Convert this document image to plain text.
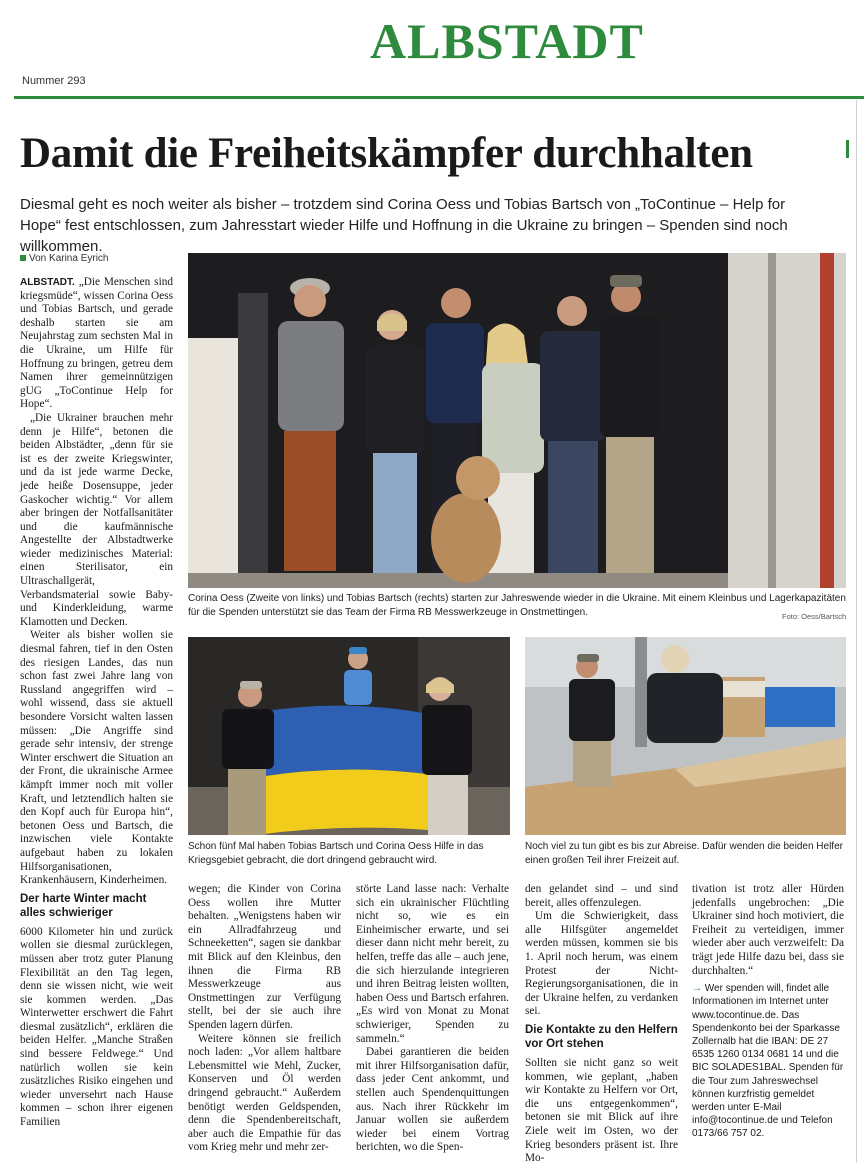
ALBSTADT
Nummer 293
Damit die Freiheitskämpfer durchhalten
Diesmal geht es noch weiter als bisher – trotzdem sind Corina Oess und Tobias Bartsch von „ToContinue – Help for Hope“ fest entschlossen, zum Jahresstart wieder Hilfe und Hoffnung in die Ukraine zu bringen – Spenden sind noch willkommen.
Von Karina Eyrich

ALBSTADT. „Die Menschen sind kriegsmüde“, wissen Corina Oess und Tobias Bartsch, und gerade deshalb starten sie am Neujahrstag zum sechsten Mal in die Ukraine, um Hilfe für Hoffnung zu bringen, getreu dem Namen ihrer gemeinnützigen gUG „ToContinue Help for Hope“.

„Die Ukrainer brauchen mehr denn je Hilfe“, betonen die beiden Albstädter, „denn für sie ist es der zweite Kriegswinter, und da ist jede warme Decke, jede heiße Dosensuppe, jeder Gaskocher wichtig.“ Vor allem aber bringen der Notfallsanitäter und die kaufmännische Angestellte der Albstadtwerke wieder medizinisches Material: einen Sterilisator, ein Ultraschallgerät, Verbandsmaterial sowie Baby- und Kinderkleidung, warme Klamotten und Decken.

Weiter als bisher wollen sie diesmal fahren, tief in den Osten des riesigen Landes, das nun schon fast zwei Jahre lang von Russland angegriffen wird – wohl wissend, dass sie aktuell besondere Vorsicht walten lassen müssen: „Die Angriffe sind gerade sehr intensiv, der strenge Winter erschwert die Situation an der Front, die ukrainische Armee kämpft immer noch mit voller Kraft, und letztendlich halten sie den Kopf auch für Europa hin“, betonen Oess und Bartsch, die inzwischen viele Kontakte aufgebaut haben zu lokalen Hilfsorganisationen, Krankenhäusern, Kinderheimen.

Der harte Winter macht alles schwieriger

6000 Kilometer hin und zurück wollen sie diesmal zurücklegen, müssen aber trotz guter Planung Flexibilität an den Tag legen, denn sie wissen nicht, wie weit sie kommen werden. „Das Winterwetter erschwert die Fahrt diesmal zusätzlich“, erklären die beiden Helfer. „Manche Straßen sind bessere Feldwege.“ Und natürlich wollen sie kein zusätzliches Risiko eingehen und wieder unversehrt nach Hause kommen – schon ihrer eigenen Familien

Corina Oess (Zweite von links) und Tobias Bartsch (rechts) starten zur Jahreswende wieder in die Ukraine. Mit einem Kleinbus und Lagerkapazitäten für die Spenden unterstützt sie das Team der Firma RB Messwerkzeuge in Onstmettingen.	Foto: Oess/Bartsch
Schon fünf Mal haben Tobias Bartsch und Corina Oess Hilfe in das Kriegsgebiet gebracht, die dort dringend gebraucht wird.
Noch viel zu tun gibt es bis zur Abreise. Dafür wenden die beiden Helfer einen großen Teil ihrer Freizeit auf.

wegen; die Kinder von Corina Oess wollen ihre Mutter behalten. „Wenigstens haben wir ein Allradfahrzeug und Schneeketten“, sagen sie dankbar mit Blick auf den Kleinbus, den ihnen die Firma RB Messwerkzeuge aus Onstmettingen zur Verfügung stellt, bei der sie auch ihre Spenden lagern dürfen.

Weitere können sie freilich noch laden: „Vor allem haltbare Lebensmittel wie Mehl, Zucker, Konserven und Öl werden dringend gebraucht.“ Außerdem benötigt werden Geldspenden, denn die Spendenbereitschaft, aber auch die Empathie für das vom Krieg mehr und mehr zer-

störte Land lasse nach: Verhalte sich ein ukrainischer Flüchtling nicht so, wie es ein Einheimischer erwarte, und sei dieser dann nicht mehr bereit, zu helfen, treffe das alle – auch jene, die sich hierzulande integrieren und ihren Beitrag leisten wollten, haben Oess und Bartsch erfahren. „Es wird von Monat zu Monat schwieriger, Spenden zu sammeln.“

Dabei garantieren die beiden mit ihrer Hilfsorganisation dafür, dass jeder Cent ankommt, und stellen auch Spendenquittungen aus. Nach ihrer Rückkehr im Januar wollen sie außerdem wieder bei einem Vortrag berichten, wo die Spen-

den gelandet sind – und sind bereit, alles offenzulegen.

Um die Schwierigkeit, dass alle Hilfsgüter angemeldet werden müssen, kommen sie bis 1. April noch herum, was einem Protest der Nicht-Regierungsorganisationen, die in der Ukraine helfen, zu verdanken sei.

Die Kontakte zu den Helfern vor Ort stehen

Sollten sie nicht ganz so weit kommen, wie geplant, „haben wir Kontakte zu Helfern vor Ort, die uns entgegenkommen“, betonen sie mit Blick auf ihre Ziele weit im Osten, wo der Krieg besonders präsent ist. Ihre Mo-

tivation ist trotz aller Hürden jedenfalls ungebrochen: „Die Ukrainer sind hoch motiviert, die Freiheit zu verteidigen, immer wieder aber auch verzweifelt: Da trägt jede Hilfe dazu bei, dass sie durchhalten.“

→ Wer spenden will, findet alle Informationen im Internet unter www.tocontinue.de. Das Spendenkonto bei der Sparkasse Zollernalb hat die IBAN: DE 27 6535 1260 0134 0681 14 und die BIC SOLADES1BAL. Spenden für die Tour zum Jahreswechsel können kurzfristig gemeldet werden unter E-Mail info@tocontinue.de und Telefon 0173/66 757 02.
